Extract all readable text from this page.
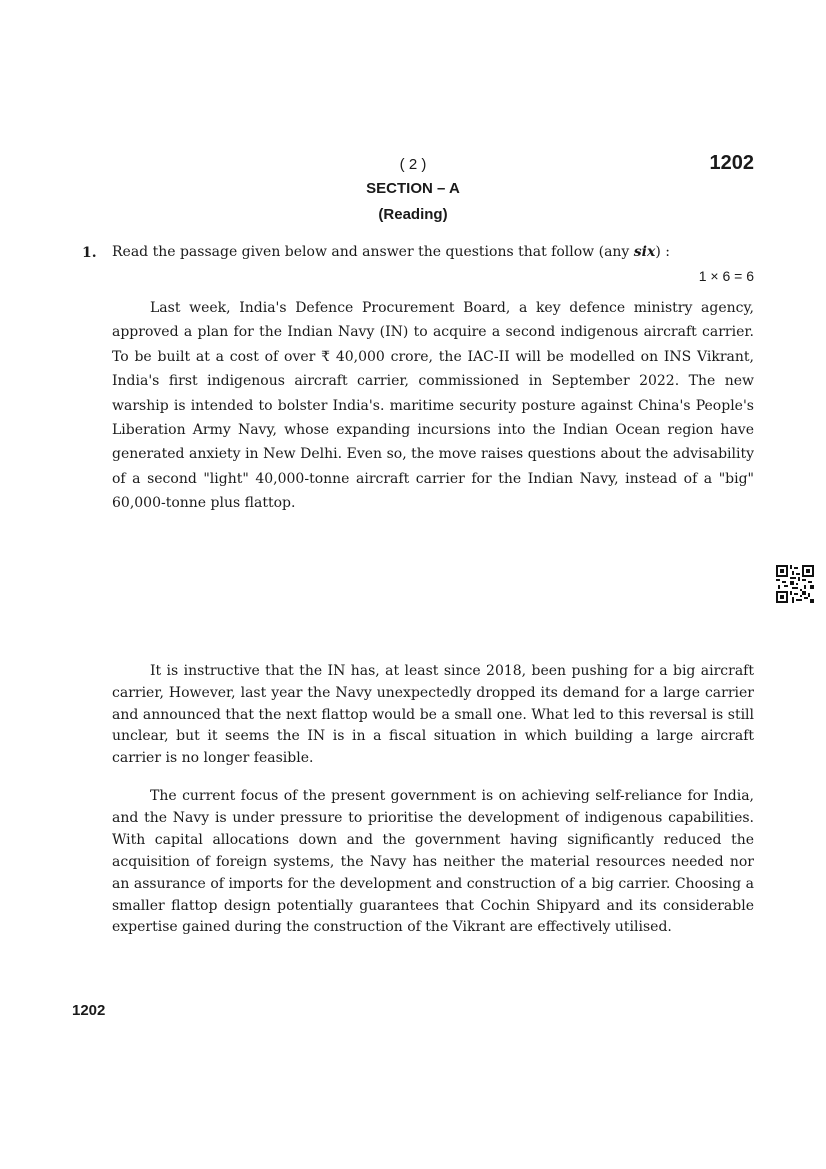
( 2 )	1202
SECTION – A
(Reading)
1. Read the passage given below and answer the questions that follow (any six) :
1 × 6 = 6
Last week, India's Defence Procurement Board, a key defence ministry agency, approved a plan for the Indian Navy (IN) to acquire a second indigenous aircraft carrier. To be built at a cost of over ₹ 40,000 crore, the IAC-II will be modelled on INS Vikrant, India's first indigenous aircraft carrier, commissioned in September 2022. The new warship is intended to bolster India's. maritime security posture against China's People's Liberation Army Navy, whose expanding incursions into the Indian Ocean region have generated anxiety in New Delhi. Even so, the move raises questions about the advisability of a second "light" 40,000-tonne aircraft carrier for the Indian Navy, instead of a "big" 60,000-tonne plus flattop.
It is instructive that the IN has, at least since 2018, been pushing for a big aircraft carrier, However, last year the Navy unexpectedly dropped its demand for a large carrier and announced that the next flattop would be a small one. What led to this reversal is still unclear, but it seems the IN is in a fiscal situation in which building a large aircraft carrier is no longer feasible.
The current focus of the present government is on achieving self-reliance for India, and the Navy is under pressure to prioritise the development of indigenous capabilities. With capital allocations down and the government having significantly reduced the acquisition of foreign systems, the Navy has neither the material resources needed nor an assurance of imports for the development and construction of a big carrier. Choosing a smaller flattop design potentially guarantees that Cochin Shipyard and its considerable expertise gained during the construction of the Vikrant are effectively utilised.
1202
